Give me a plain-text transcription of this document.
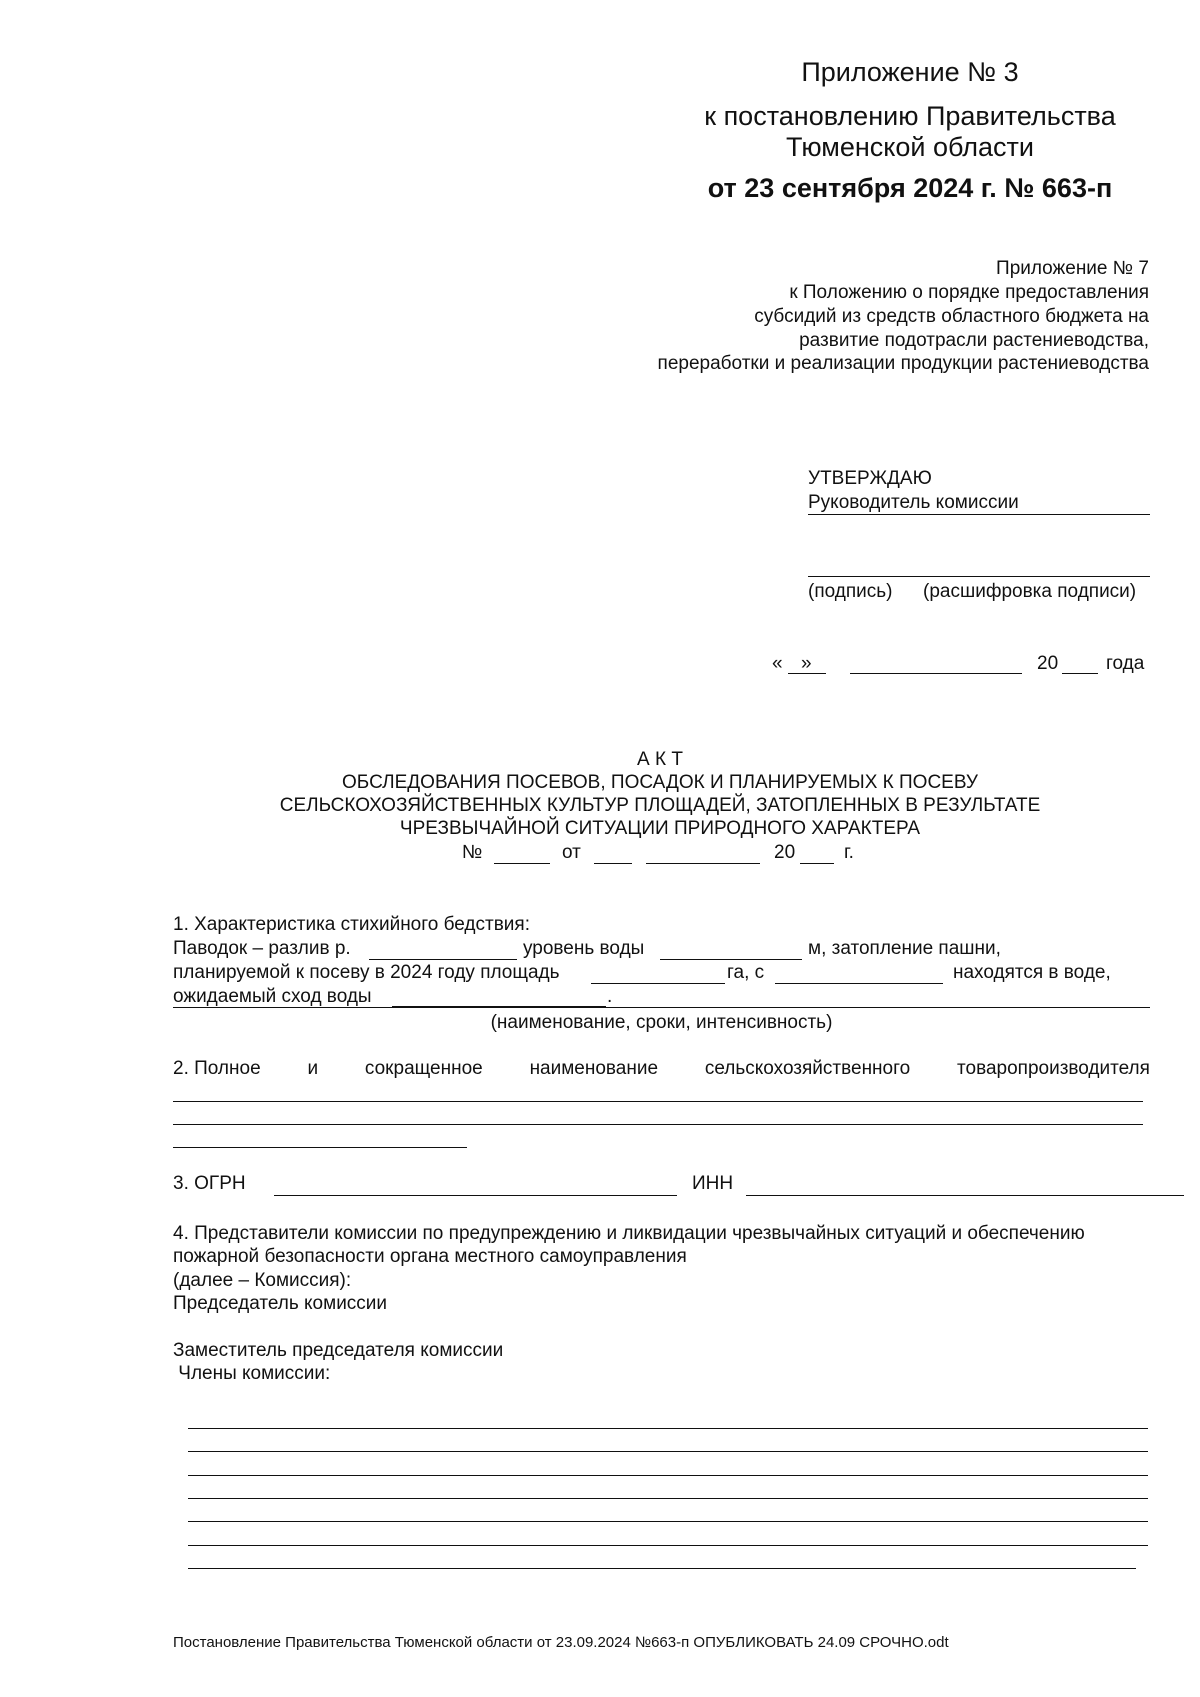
Приложение № 3
к постановлению Правительства
Тюменской области
от 23 сентября 2024 г. № 663-п
Приложение № 7
к Положению о порядке предоставления
субсидий из средств областного бюджета на
развитие подотрасли растениеводства,
переработки и реализации продукции растениеводства
УТВЕРЖДАЮ
Руководитель комиссии
(подпись) (расшифровка подписи)
« »	20	года
А К Т
ОБСЛЕДОВАНИЯ ПОСЕВОВ, ПОСАДОК И ПЛАНИРУЕМЫХ К ПОСЕВУ
СЕЛЬСКОХОЗЯЙСТВЕННЫХ КУЛЬТУР ПЛОЩАДЕЙ, ЗАТОПЛЕННЫХ В РЕЗУЛЬТАТЕ
ЧРЕЗВЫЧАЙНОЙ СИТУАЦИИ ПРИРОДНОГО ХАРАКТЕРА
№	от	20	г.
1. Характеристика стихийного бедствия:
Паводок – разлив р.	уровень воды	м, затопление пашни,
планируемой к посеву в 2024 году площадь	га, с	находятся в воде,
ожидаемый сход воды	.
(наименование, сроки, интенсивность)
2. Полное и сокращенное наименование сельскохозяйственного товаропроизводителя
3. ОГРН	ИНН
4. Представители комиссии по предупреждению и ликвидации чрезвычайных ситуаций и обеспечению
пожарной безопасности органа местного самоуправления
(далее – Комиссия):
Председатель комиссии
Заместитель председателя комиссии
Члены комиссии:
Постановление Правительства Тюменской области от 23.09.2024 №663-п ОПУБЛИКОВАТЬ 24.09 СРОЧНО.odt
